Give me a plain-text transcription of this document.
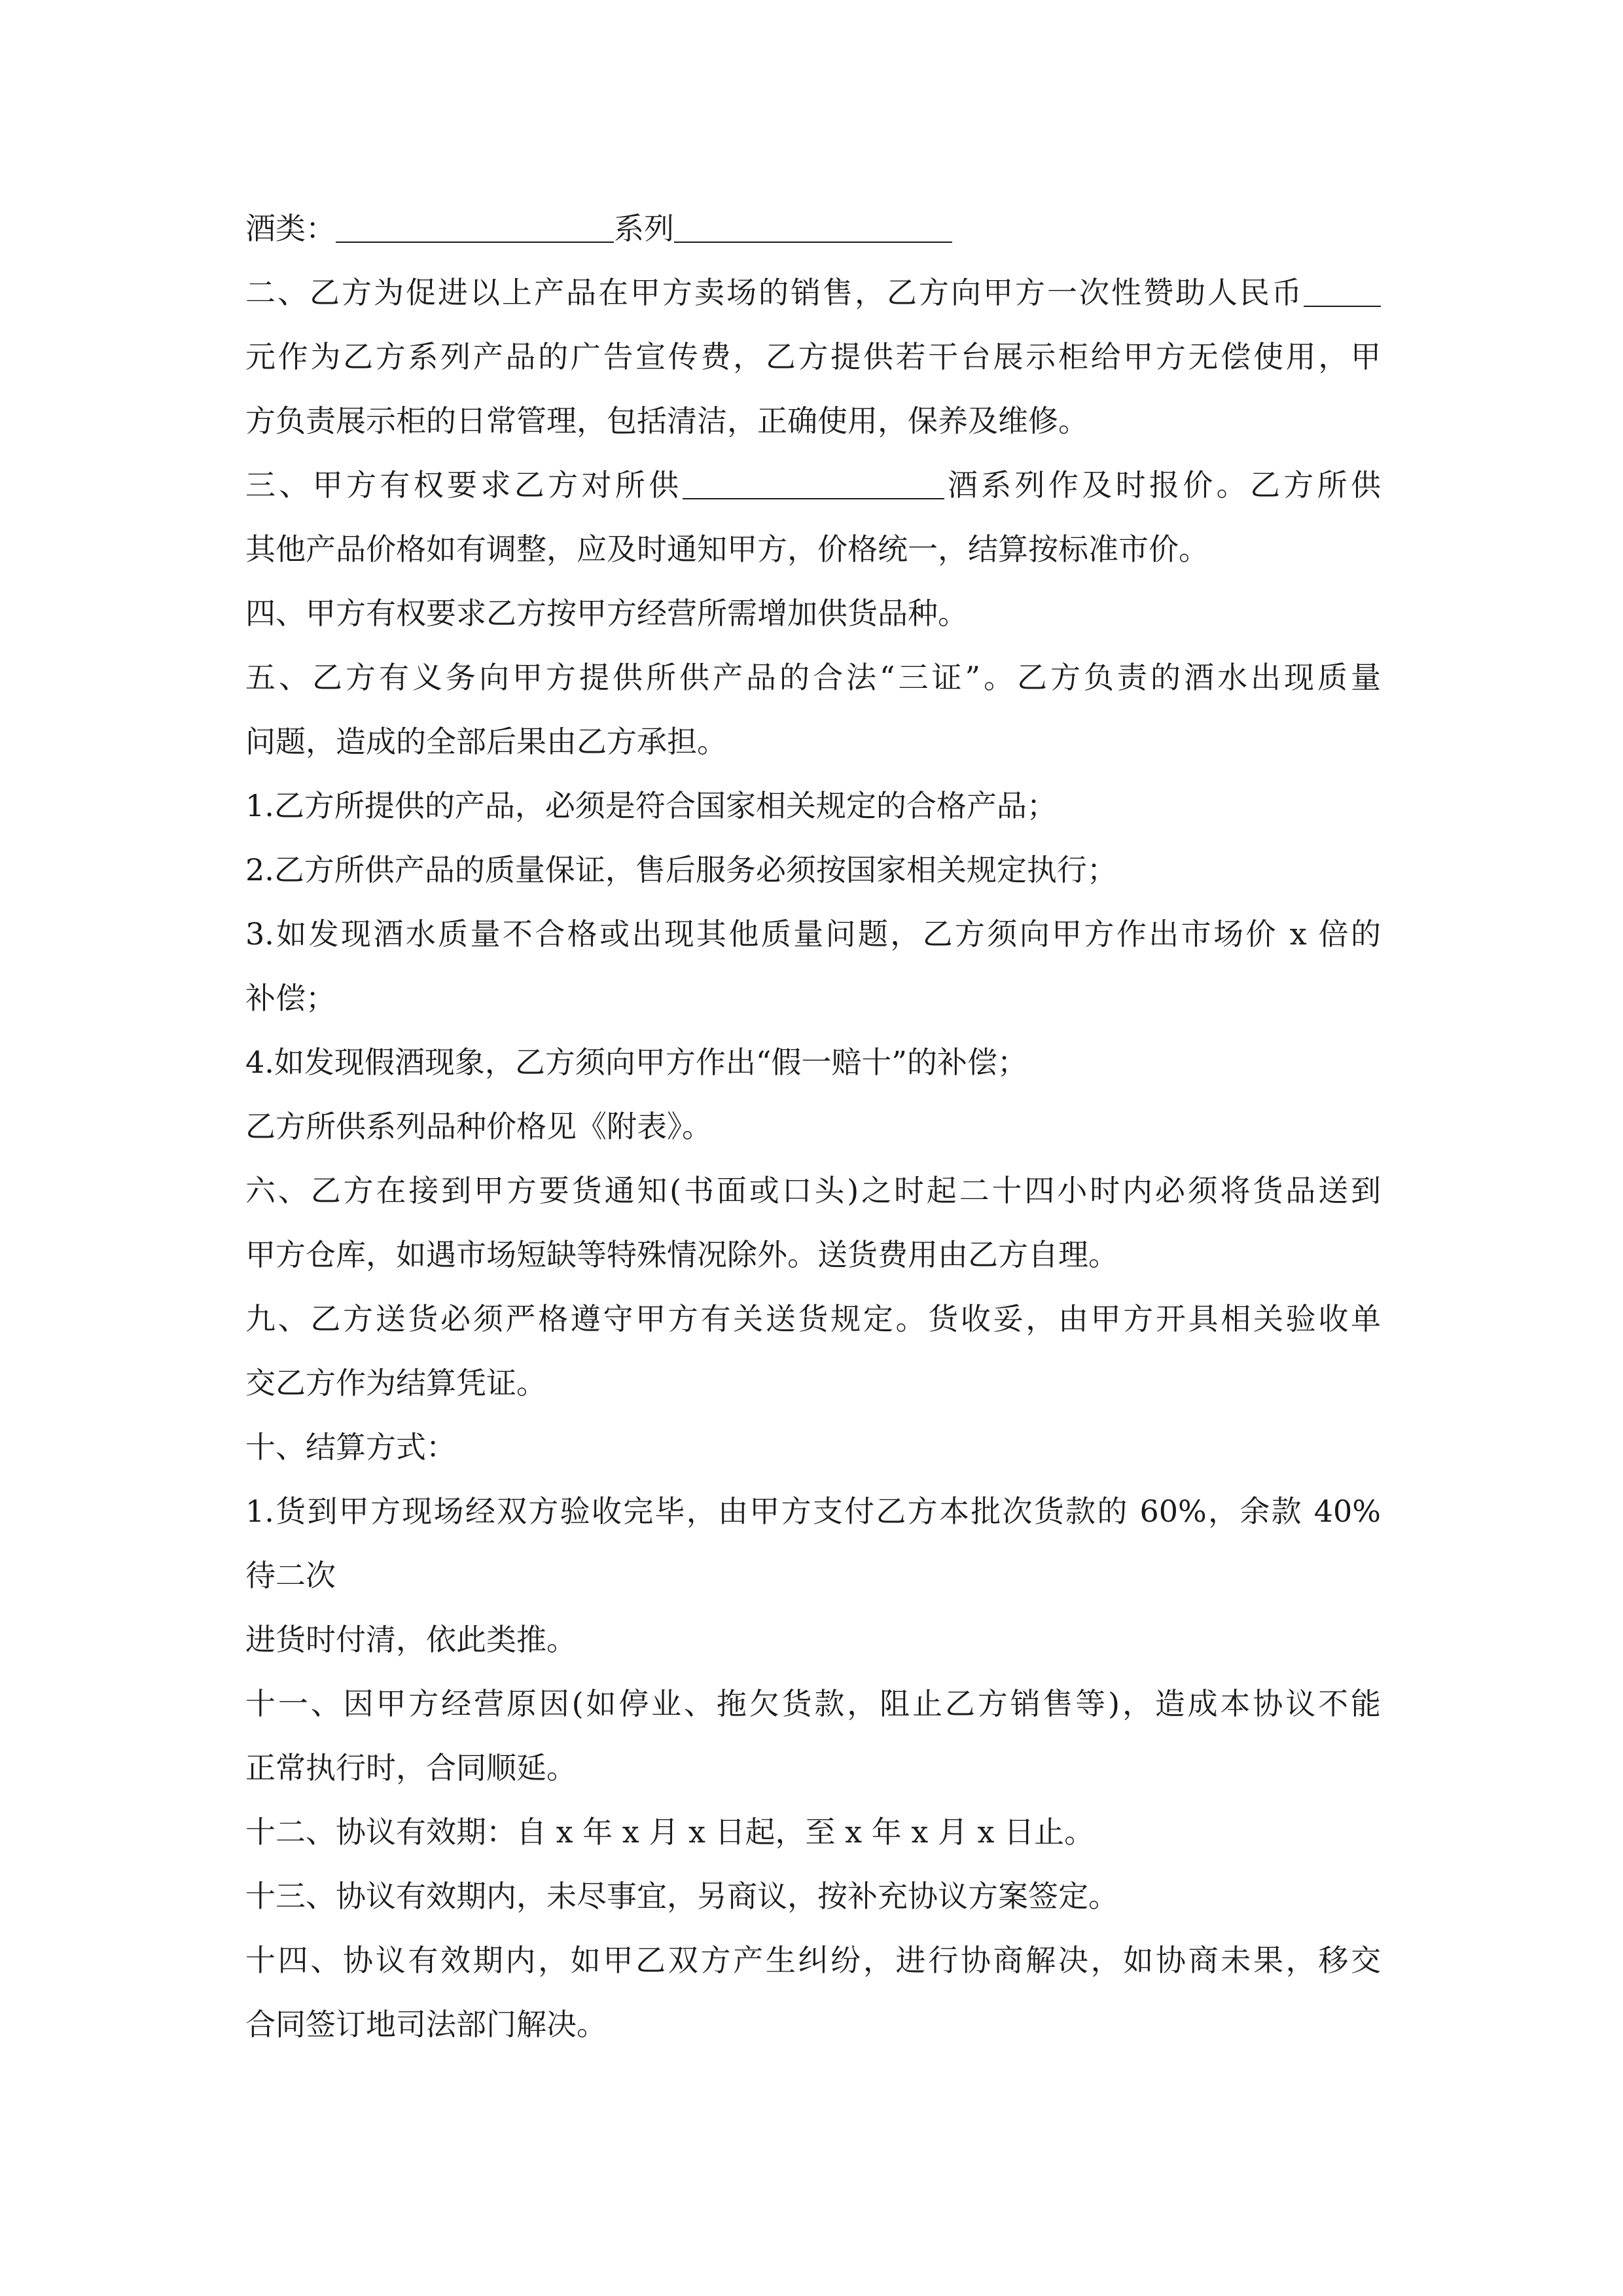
酒类：	系列
二、乙方为促进以上产品在甲方卖场的销售，乙方向甲方一次性赞助人民币
元作为乙方系列产品的广告宣传费，乙方提供若干台展示柜给甲方无偿使用，甲
方负责展示柜的日常管理，包括清洁，正确使用，保养及维修。
三、甲方有权要求乙方对所供	酒系列作及时报价。乙方所供
其他产品价格如有调整，应及时通知甲方，价格统一，结算按标准市价。
四、甲方有权要求乙方按甲方经营所需增加供货品种。
五、乙方有义务向甲方提供所供产品的合法“三证”。乙方负责的酒水出现质量
问题，造成的全部后果由乙方承担。
1.乙方所提供的产品，必须是符合国家相关规定的合格产品；
2.乙方所供产品的质量保证，售后服务必须按国家相关规定执行；
3.如发现酒水质量不合格或出现其他质量问题，乙方须向甲方作出市场价 x 倍的
补偿；
4.如发现假酒现象，乙方须向甲方作出“假一赔十”的补偿；
乙方所供系列品种价格见《附表》。
六、乙方在接到甲方要货通知(书面或口头)之时起二十四小时内必须将货品送到
甲方仓库，如遇市场短缺等特殊情况除外。送货费用由乙方自理。
九、乙方送货必须严格遵守甲方有关送货规定。货收妥，由甲方开具相关验收单
交乙方作为结算凭证。
十、结算方式：
1.货到甲方现场经双方验收完毕，由甲方支付乙方本批次货款的 60%，余款 40%
待二次
进货时付清，依此类推。
十一、因甲方经营原因(如停业、拖欠货款，阻止乙方销售等)，造成本协议不能
正常执行时，合同顺延。
十二、协议有效期：自 x 年 x 月 x 日起，至 x 年 x 月 x 日止。
十三、协议有效期内，未尽事宜，另商议，按补充协议方案签定。
十四、协议有效期内，如甲乙双方产生纠纷，进行协商解决，如协商未果，移交
合同签订地司法部门解决。
